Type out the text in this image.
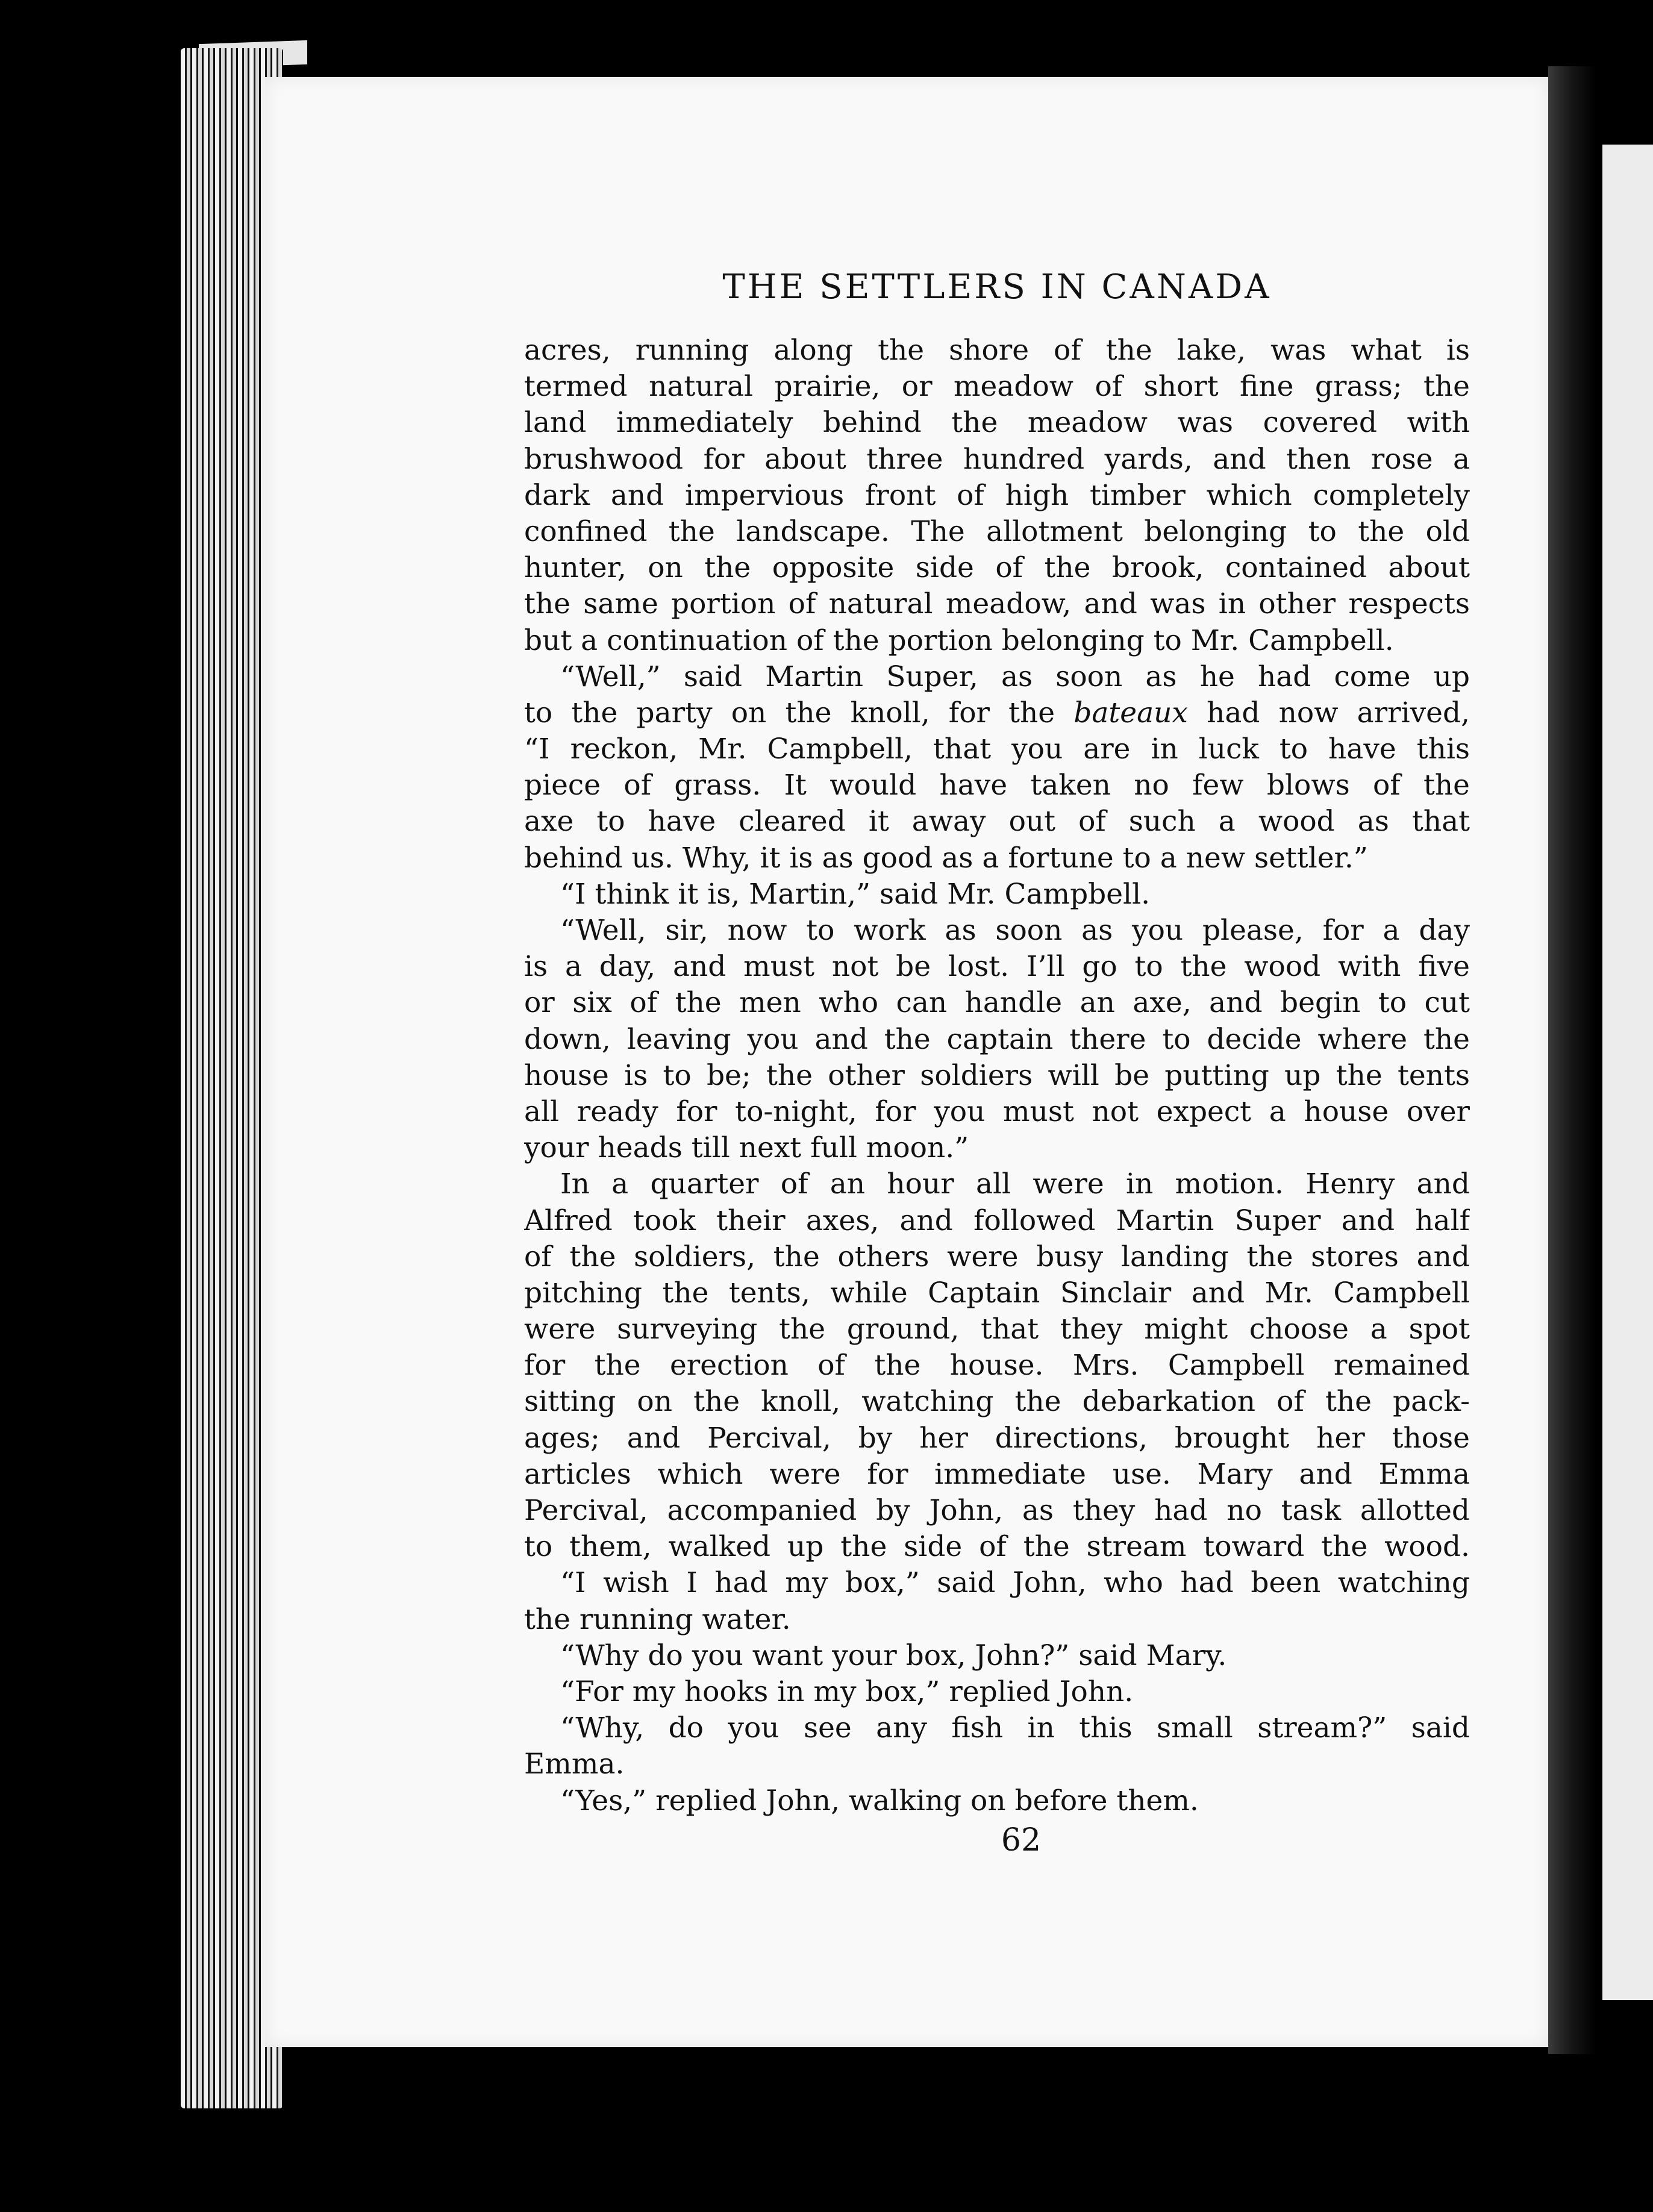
THE SETTLERS IN CANADA
acres, running along the shore of the lake, was what is
termed natural prairie, or meadow of short fine grass; the
land immediately behind the meadow was covered with
brushwood for about three hundred yards, and then rose a
dark and impervious front of high timber which completely
confined the landscape. The allotment belonging to the old
hunter, on the opposite side of the brook, contained about
the same portion of natural meadow, and was in other respects
but a continuation of the portion belonging to Mr. Campbell.
“Well,” said Martin Super, as soon as he had come up
to the party on the knoll, for the bateaux had now arrived,
“I reckon, Mr. Campbell, that you are in luck to have this
piece of grass. It would have taken no few blows of the
axe to have cleared it away out of such a wood as that
behind us. Why, it is as good as a fortune to a new settler.”
“I think it is, Martin,” said Mr. Campbell.
“Well, sir, now to work as soon as you please, for a day
is a day, and must not be lost. I’ll go to the wood with five
or six of the men who can handle an axe, and begin to cut
down, leaving you and the captain there to decide where the
house is to be; the other soldiers will be putting up the tents
all ready for to-night, for you must not expect a house over
your heads till next full moon.”
In a quarter of an hour all were in motion. Henry and
Alfred took their axes, and followed Martin Super and half
of the soldiers, the others were busy landing the stores and
pitching the tents, while Captain Sinclair and Mr. Campbell
were surveying the ground, that they might choose a spot
for the erection of the house. Mrs. Campbell remained
sitting on the knoll, watching the debarkation of the pack-
ages; and Percival, by her directions, brought her those
articles which were for immediate use. Mary and Emma
Percival, accompanied by John, as they had no task allotted
to them, walked up the side of the stream toward the wood.
“I wish I had my box,” said John, who had been watching
the running water.
“Why do you want your box, John?” said Mary.
“For my hooks in my box,” replied John.
“Why, do you see any fish in this small stream?” said
Emma.
“Yes,” replied John, walking on before them.
62
